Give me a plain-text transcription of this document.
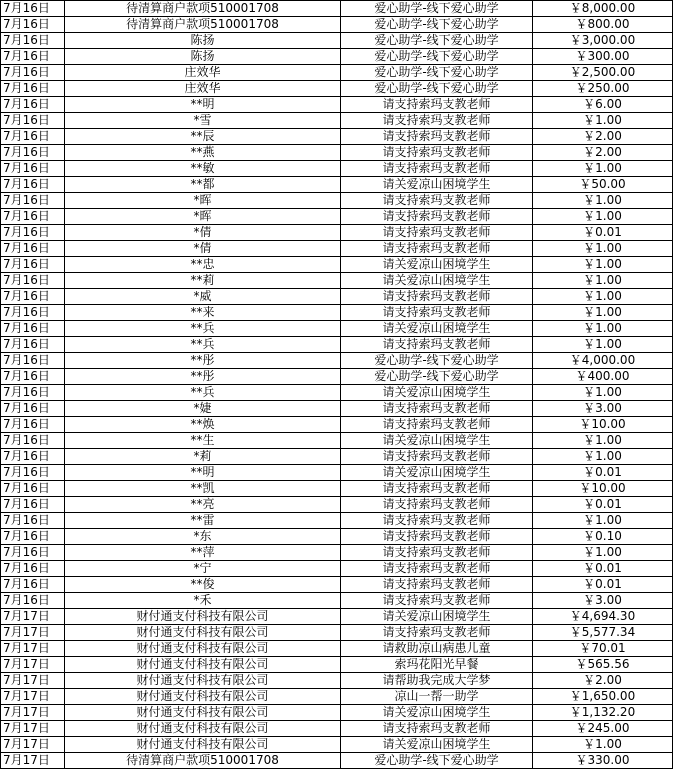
7月16日	待清算商户款项510001708	爱心助学-线下爱心助学	￥8,000.00
7月16日	待清算商户款项510001708	爱心助学-线下爱心助学	￥800.00
7月16日	陈扬	爱心助学-线下爱心助学	￥3,000.00
7月16日	陈扬	爱心助学-线下爱心助学	￥300.00
7月16日	庄效华	爱心助学-线下爱心助学	￥2,500.00
7月16日	庄效华	爱心助学-线下爱心助学	￥250.00
7月16日	**明	请支持索玛支教老师	￥6.00
7月16日	*雪	请支持索玛支教老师	￥1.00
7月16日	**辰	请支持索玛支教老师	￥2.00
7月16日	**燕	请支持索玛支教老师	￥2.00
7月16日	**敏	请支持索玛支教老师	￥1.00
7月16日	**都	请关爱凉山困境学生	￥50.00
7月16日	*晖	请支持索玛支教老师	￥1.00
7月16日	*晖	请支持索玛支教老师	￥1.00
7月16日	*倩	请支持索玛支教老师	￥0.01
7月16日	*倩	请支持索玛支教老师	￥1.00
7月16日	**忠	请关爱凉山困境学生	￥1.00
7月16日	**莉	请关爱凉山困境学生	￥1.00
7月16日	*威	请支持索玛支教老师	￥1.00
7月16日	**来	请支持索玛支教老师	￥1.00
7月16日	**兵	请关爱凉山困境学生	￥1.00
7月16日	**兵	请支持索玛支教老师	￥1.00
7月16日	**彤	爱心助学-线下爱心助学	￥4,000.00
7月16日	**彤	爱心助学-线下爱心助学	￥400.00
7月16日	**兵	请关爱凉山困境学生	￥1.00
7月16日	*婕	请支持索玛支教老师	￥3.00
7月16日	**焕	请支持索玛支教老师	￥10.00
7月16日	**生	请关爱凉山困境学生	￥1.00
7月16日	*莉	请支持索玛支教老师	￥1.00
7月16日	**明	请关爱凉山困境学生	￥0.01
7月16日	**凯	请支持索玛支教老师	￥10.00
7月16日	**亮	请支持索玛支教老师	￥0.01
7月16日	**雷	请支持索玛支教老师	￥1.00
7月16日	*东	请支持索玛支教老师	￥0.10
7月16日	**萍	请支持索玛支教老师	￥1.00
7月16日	*宁	请支持索玛支教老师	￥0.01
7月16日	**俊	请支持索玛支教老师	￥0.01
7月16日	*禾	请支持索玛支教老师	￥3.00
7月17日	财付通支付科技有限公司	请关爱凉山困境学生	￥4,694.30
7月17日	财付通支付科技有限公司	请支持索玛支教老师	￥5,577.34
7月17日	财付通支付科技有限公司	请救助凉山病患儿童	￥70.01
7月17日	财付通支付科技有限公司	索玛花阳光早餐	￥565.56
7月17日	财付通支付科技有限公司	请帮助我完成大学梦	￥2.00
7月17日	财付通支付科技有限公司	凉山一帮一助学	￥1,650.00
7月17日	财付通支付科技有限公司	请关爱凉山困境学生	￥1,132.20
7月17日	财付通支付科技有限公司	请支持索玛支教老师	￥245.00
7月17日	财付通支付科技有限公司	请关爱凉山困境学生	￥1.00
7月17日	待清算商户款项510001708	爱心助学-线下爱心助学	￥330.00
